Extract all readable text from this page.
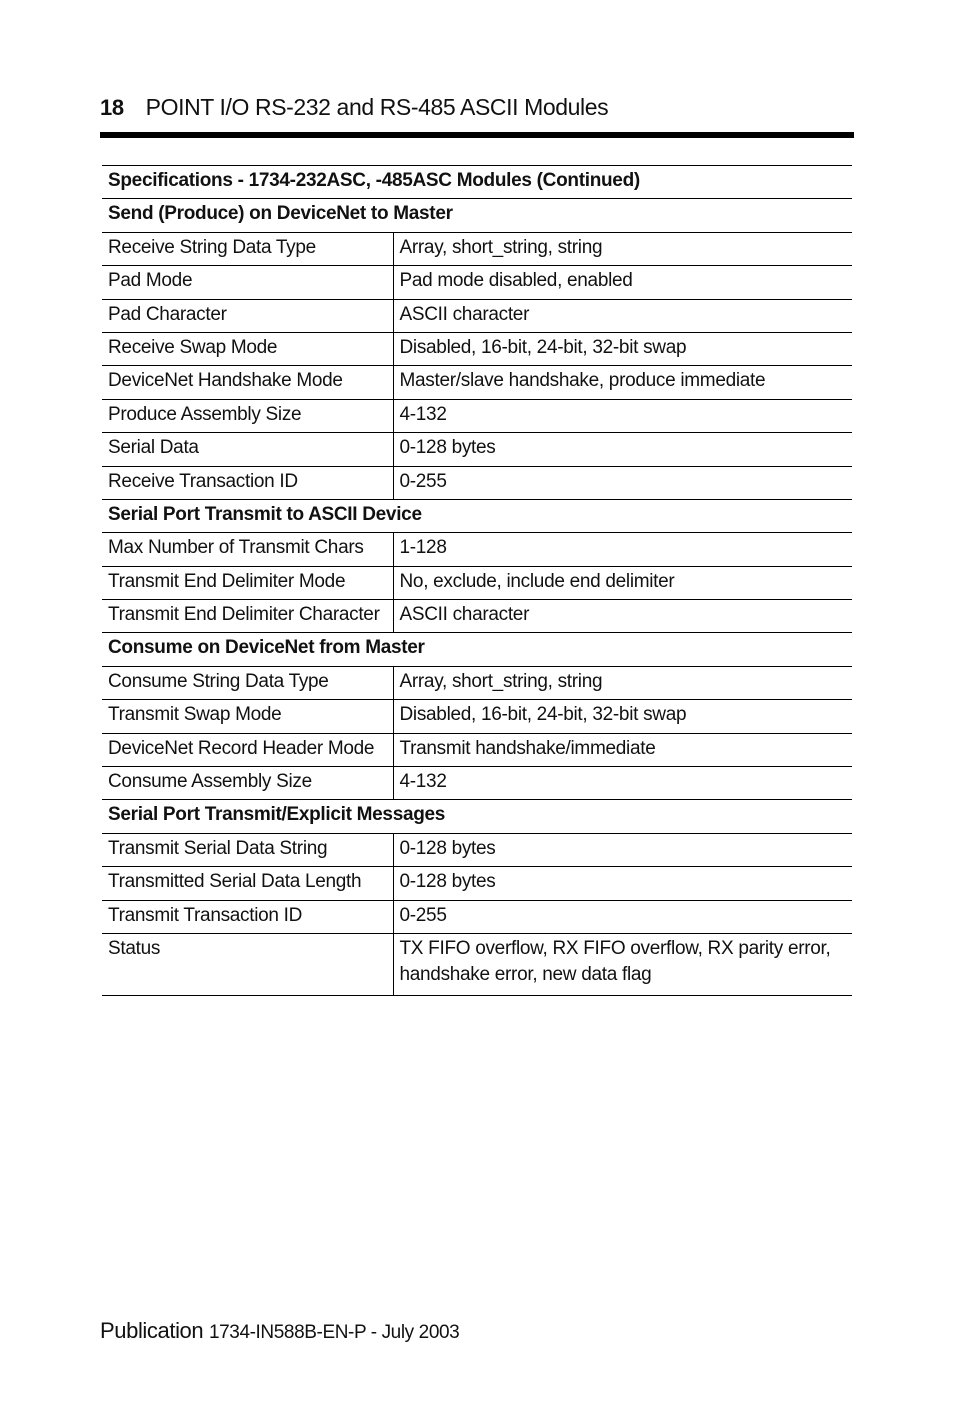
18 POINT I/O RS-232 and RS-485 ASCII Modules
Specifications - 1734-232ASC, -485ASC Modules (Continued)	
Send (Produce) on DeviceNet to Master	
Receive String Data Type	Array, short_string, string
Pad Mode	Pad mode disabled, enabled
Pad Character	ASCII character
Receive Swap Mode	Disabled, 16-bit, 24-bit, 32-bit swap
DeviceNet Handshake Mode	Master/slave handshake, produce immediate
Produce Assembly Size	4-132
Serial Data	0-128 bytes
Receive Transaction ID	0-255
Serial Port Transmit to ASCII Device	
Max Number of Transmit Chars	1-128
Transmit End Delimiter Mode	No, exclude, include end delimiter
Transmit End Delimiter Character	ASCII character
Consume on DeviceNet from Master	
Consume String Data Type	Array, short_string, string
Transmit Swap Mode	Disabled, 16-bit, 24-bit, 32-bit swap
DeviceNet Record Header Mode	Transmit handshake/immediate
Consume Assembly Size	4-132
Serial Port Transmit/Explicit Messages	
Transmit Serial Data String	0-128 bytes
Transmitted Serial Data Length	0-128 bytes
Transmit Transaction ID	0-255
Status	TX FIFO overflow, RX FIFO overflow, RX parity error, handshake error, new data flag
Publication 1734-IN588B-EN-P - July 2003
